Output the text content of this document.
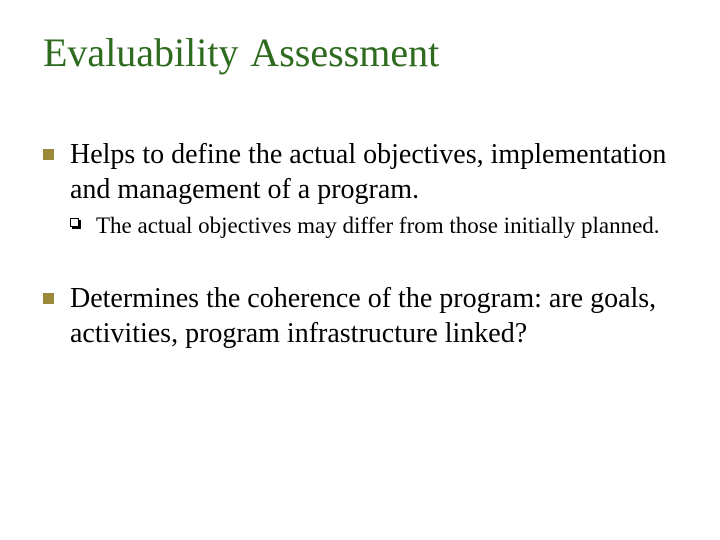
Evaluability Assessment
Helps to define the actual objectives, implementation and management of a program.
The actual objectives may differ from those initially planned.
Determines the coherence of the program: are goals, activities, program infrastructure linked?
